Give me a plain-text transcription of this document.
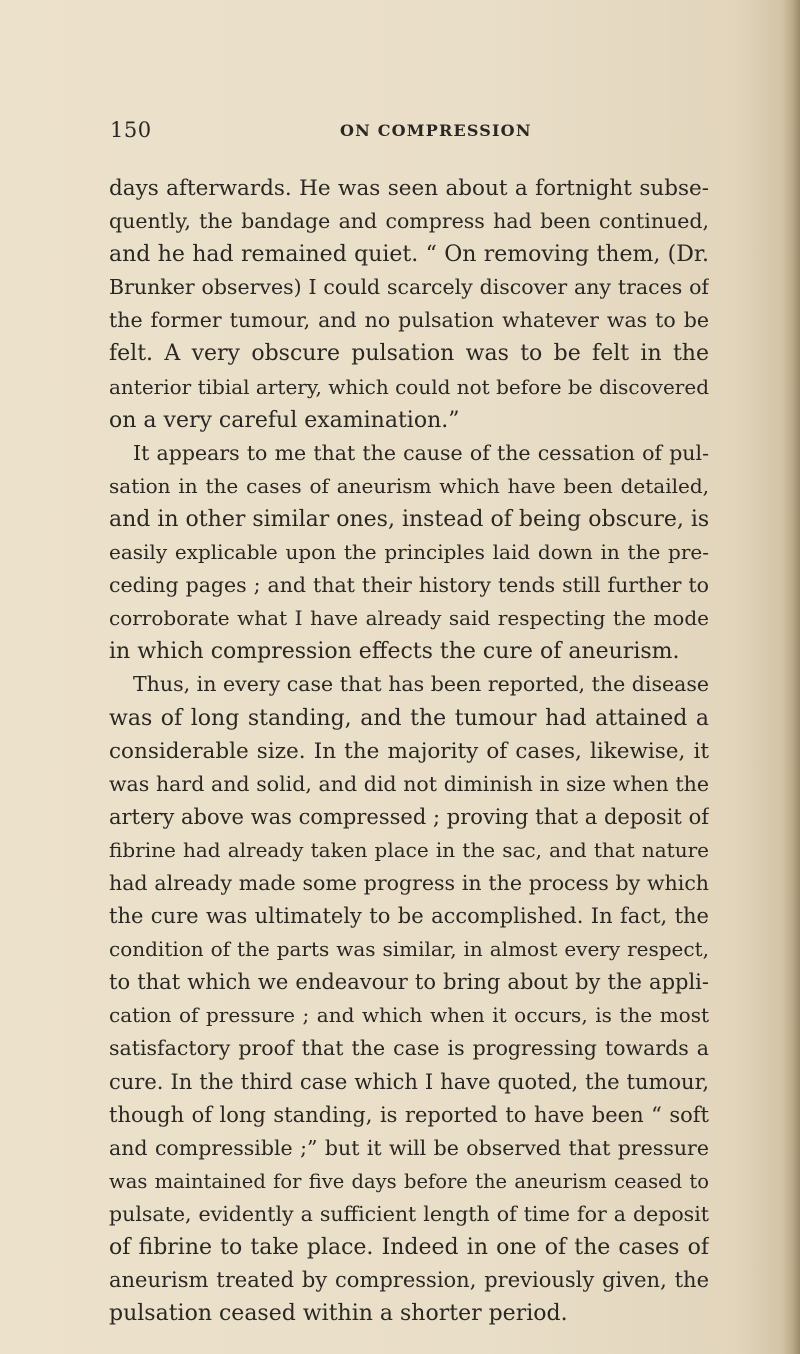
150	ON COMPRESSION
days afterwards. He was seen about a fortnight subse-
quently, the bandage and compress had been continued,
and he had remained quiet. “ On removing them, (Dr.
Brunker observes) I could scarcely discover any traces of
the former tumour, and no pulsation whatever was to be
felt. A very obscure pulsation was to be felt in the
anterior tibial artery, which could not before be discovered
on a very careful examination.”
It appears to me that the cause of the cessation of pul-
sation in the cases of aneurism which have been detailed,
and in other similar ones, instead of being obscure, is
easily explicable upon the principles laid down in the pre-
ceding pages ; and that their history tends still further to
corroborate what I have already said respecting the mode
in which compression effects the cure of aneurism.
Thus, in every case that has been reported, the disease
was of long standing, and the tumour had attained a
considerable size. In the majority of cases, likewise, it
was hard and solid, and did not diminish in size when the
artery above was compressed ; proving that a deposit of
fibrine had already taken place in the sac, and that nature
had already made some progress in the process by which
the cure was ultimately to be accomplished. In fact, the
condition of the parts was similar, in almost every respect,
to that which we endeavour to bring about by the appli-
cation of pressure ; and which when it occurs, is the most
satisfactory proof that the case is progressing towards a
cure. In the third case which I have quoted, the tumour,
though of long standing, is reported to have been “ soft
and compressible ;” but it will be observed that pressure
was maintained for five days before the aneurism ceased to
pulsate, evidently a sufficient length of time for a deposit
of fibrine to take place. Indeed in one of the cases of
aneurism treated by compression, previously given, the
pulsation ceased within a shorter period.
